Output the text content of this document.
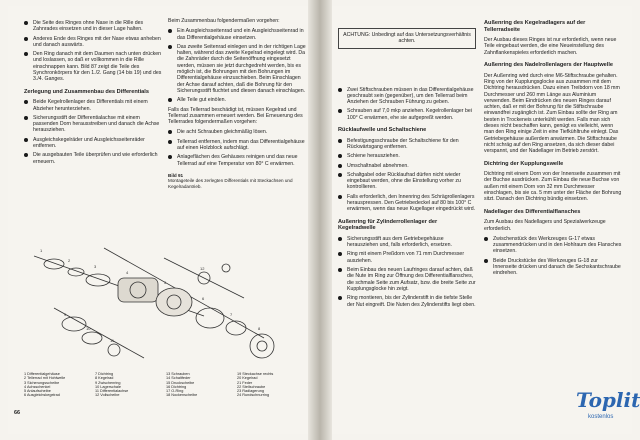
Die Seite des Ringes ohne Nase in die Rille des Zahnrades einsetzen und in dieser Lage halten.
Anderes Ende des Ringes mit der Nase etwas anheben und danach auswärts.
Den Ring danach mit dem Daumen nach unten drücken und loslassen, so daß er vollkommen in die Rille einschnappen kann. Bild 87 zeigt die Teile des Synchronkörpers für den 1./2. Gang (14 bis 19) und des 3./4. Ganges.
Zerlegung und Zusammenbau des Differentials
Beide Kegelrollenlager des Differentials mit einem Abzieher herunterziehen.
Sicherungsstift der Differentialachse mit einem passenden Dorn herausstreiben und danach die Achse herausziehen.
Ausgleichskegelräder und Ausgleichsseitenräder entfernen.
Die ausgebauten Teile überprüfen und wie erforderlich erneuern.

Beim Zusammenbau folgendermaßen vorgehen:

Ein Ausgleichsseitenrad und ein Ausgleichsseitenrad in das Differentialgehäuse einsetzen.
Das zweite Seitenrad einlegen und in der richtigen Lage halten, während das zweite Kegelrad eingelegt wird. Da die Zahnräder durch die Seitenöffnung eingesetzt werden, müssen sie jetzt durchgedreht werden, bis es möglich ist, die Bohrungen mit den Bohrungen im Differentialgehäuse einzuschieben. Beim Einschlagen der Achse darauf achten, daß die Bohrung für den Sicherungsstift fluchtet und diesen danach einschlagen.
Alle Teile gut einölen.

Falls das Tellerrad beschädigt ist, müssen Kegelrad und Tellerrad zusammen erneuert werden. Bei Erneuerung des Tellerrades folgendermaßen vorgehen:

Die acht Schrauben gleichmäßig lösen.
Tellerrad entfernen, indem man das Differentialgehäuse auf einen Holzblock aufschlägt.
Anlageflächen des Gehäuses reinigen und das neue Tellerrad auf eine Temperatur von 80° C erwärmen.
Bild 91
Montageteile des zerlegten Differentials mit Steckachsen und Kegelradantrieb.
1
2
3
4
5
6
7
8
9
10
11
12
1 Differentialgehäuse	7 Dichtring	13 Schrauben	19 Steckachse rechts
2 Tellerrad mit Hohlwelle	8 Kegelrad	14 Schaltfeder	20 Kegelrad
3 Sicherungsscheibe	9 Zwischenring	15 Druckscheibe	21 Feder
4 Achsschenkel	10 Lagerschale	16 Dichtring	22 Stellschraube
5 Anlaufscheibe	11 Differentialachse	17 O-Ring	23 Radlagerung
6 Ausgleichskegelrad	12 Vollscheibe	18 Nockenscheibe	24 Rundschnurring
66
ACHTUNG: Unbedingt auf das Untersetzungsverhältnis achten.
Zwei Stiftschrauben müssen in das Differentialgehäuse geschraubt sein (gegenüber), um den Tellerrad beim Anziehen der Schrauben Führung zu geben.
Schrauben auf 7,0 mkp anziehen. Kegelrollenlager bei 100° C erwärmen, ehe sie aufgepreßt werden.
Rücklaufwelle und Schaltschiene
Befestigungsschraube der Schaltschiene für den Rückwärtsgang entfernen.
Schiene herausziehen.
Umschaltnabel abnehmen.
Schaltgabel oder Rücklaufrad dürfen nicht wieder eingebaut werden, ohne die Einstellung vorher zu kontrollieren.
Falls erforderlich, den Innenring des Schrägrollenlagers herauspressen. Den Getriebedeckel auf 80 bis 100° C erwärmen, wenn das neue Kugellager eingedrückt wird.
Außenring für Zylinderrollenlager der Kegelradwelle
Sicherungsstift aus dem Getriebegehäuse herausziehen und, falls erforderlich, ersetzen.
Ring mit einem Preßdorn von 71 mm Durchmesser ausziehen.
Beim Einbau des neuen Laufringes darauf achten, daß die Nute im Ring zur Öffnung des Differentialflansches, die schmale Seite zum Aufsatz, bzw. die breite Seite zur Kupplungsglocke hin zeigt.
Ring montieren, bis der Zylinderstift in die tiefste Stelle der Nut eingreift. Die Nuten des Zylinderstifts liegt oben.
Außenring des Kegelradlagers auf der Tellerradseite

Der Ausbau dieses Ringes ist nur erforderlich, wenn neue Teile eingebaut werden, die eine Neueinstellung des Zahnflankenspieles erforderlich machen.

Außenring des Nadelrollenlagers der Hauptwelle

Der Außenring wird durch eine M6-Stiftschraube gehalten. Ring von der Kupplungsglocke aus zusammen mit dem Dichtring herausdrücken. Dazu einen Treibdorn von 18 mm Durchmesser und 260 mm Länge aus Aluminium verwenden. Beim Eindrücken des neuen Ringes darauf achten, daß er mit der Bohrung für die Stiftschraube einwandfrei zugänglich ist. Zum Einbau sollte der Ring am besten in Trockeneis unterkühlt werden. Falls man sich dieses nicht beschaffen kann, genügt es vielleicht, wenn man den Ring einige Zeit in eine Tiefkühltruhe einlegt. Das Getriebegehäuse außerdem anwärmen. Die Stiftschraube nicht schräg auf den Ring ansetzen, da sich dieser dabei verspannt, und der Nadellager im Betrieb zerstört.

Dichtring der Kupplungswelle

Dichtring mit einem Dorn von der Innenseite zusammen mit der Buchse ausdrücken. Zum Einbau die neue Buchse von außen mit einem Dorn von 32 mm Durchmesser einschlagen, bis sie ca. 5 mm unter der Fläche der Bohrung sitzt. Danach den Dichtring bündig einsetzen.

Nadellager des Differentialflansches

Zum Ausbau des Nadellagers und Spezialwerkzeuge erforderlich.

Zwischenstück des Werkzeuges G-17 etwas zusammendrücken und in den Hohlraum des Flansches einsetzen.
Beide Druckstücke des Werkzeuges G-18 zur Innenseite drücken und danach die Sechskantschraube eindrehen.
Toplit
kostenlos
